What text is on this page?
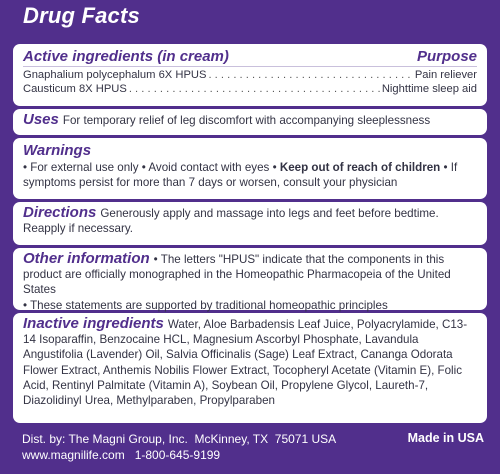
Drug Facts
Active ingredients (in cream)	Purpose
Gnaphalium polycephalum 6X HPUS . . .	Pain reliever
Causticum 8X HPUS . . .	Nighttime sleep aid
Uses For temporary relief of leg discomfort with accompanying sleeplessness
Warnings
• For external use only • Avoid contact with eyes • Keep out of reach of children • If symptoms persist for more than 7 days or worsen, consult your physician
Directions Generously apply and massage into legs and feet before bedtime. Reapply if necessary.
Other information • The letters "HPUS" indicate that the components in this product are officially monographed in the Homeopathic Pharmacopeia of the United States
• These statements are supported by traditional homeopathic principles
Inactive ingredients Water, Aloe Barbadensis Leaf Juice, Polyacrylamide, C13-14 Isoparaffin, Benzocaine HCL, Magnesium Ascorbyl Phosphate, Lavandula Angustifolia (Lavender) Oil, Salvia Officinalis (Sage) Leaf Extract, Cananga Odorata Flower Extract, Anthemis Nobilis Flower Extract, Tocopheryl Acetate (Vitamin E), Folic Acid, Rentinyl Palmitate (Vitamin A), Soybean Oil, Propylene Glycol, Laureth-7, Diazolidinyl Urea, Methylparaben, Propylparaben
Dist. by: The Magni Group, Inc.  McKinney, TX  75071 USA
www.magnilife.com   1-800-645-9199
Made in USA
